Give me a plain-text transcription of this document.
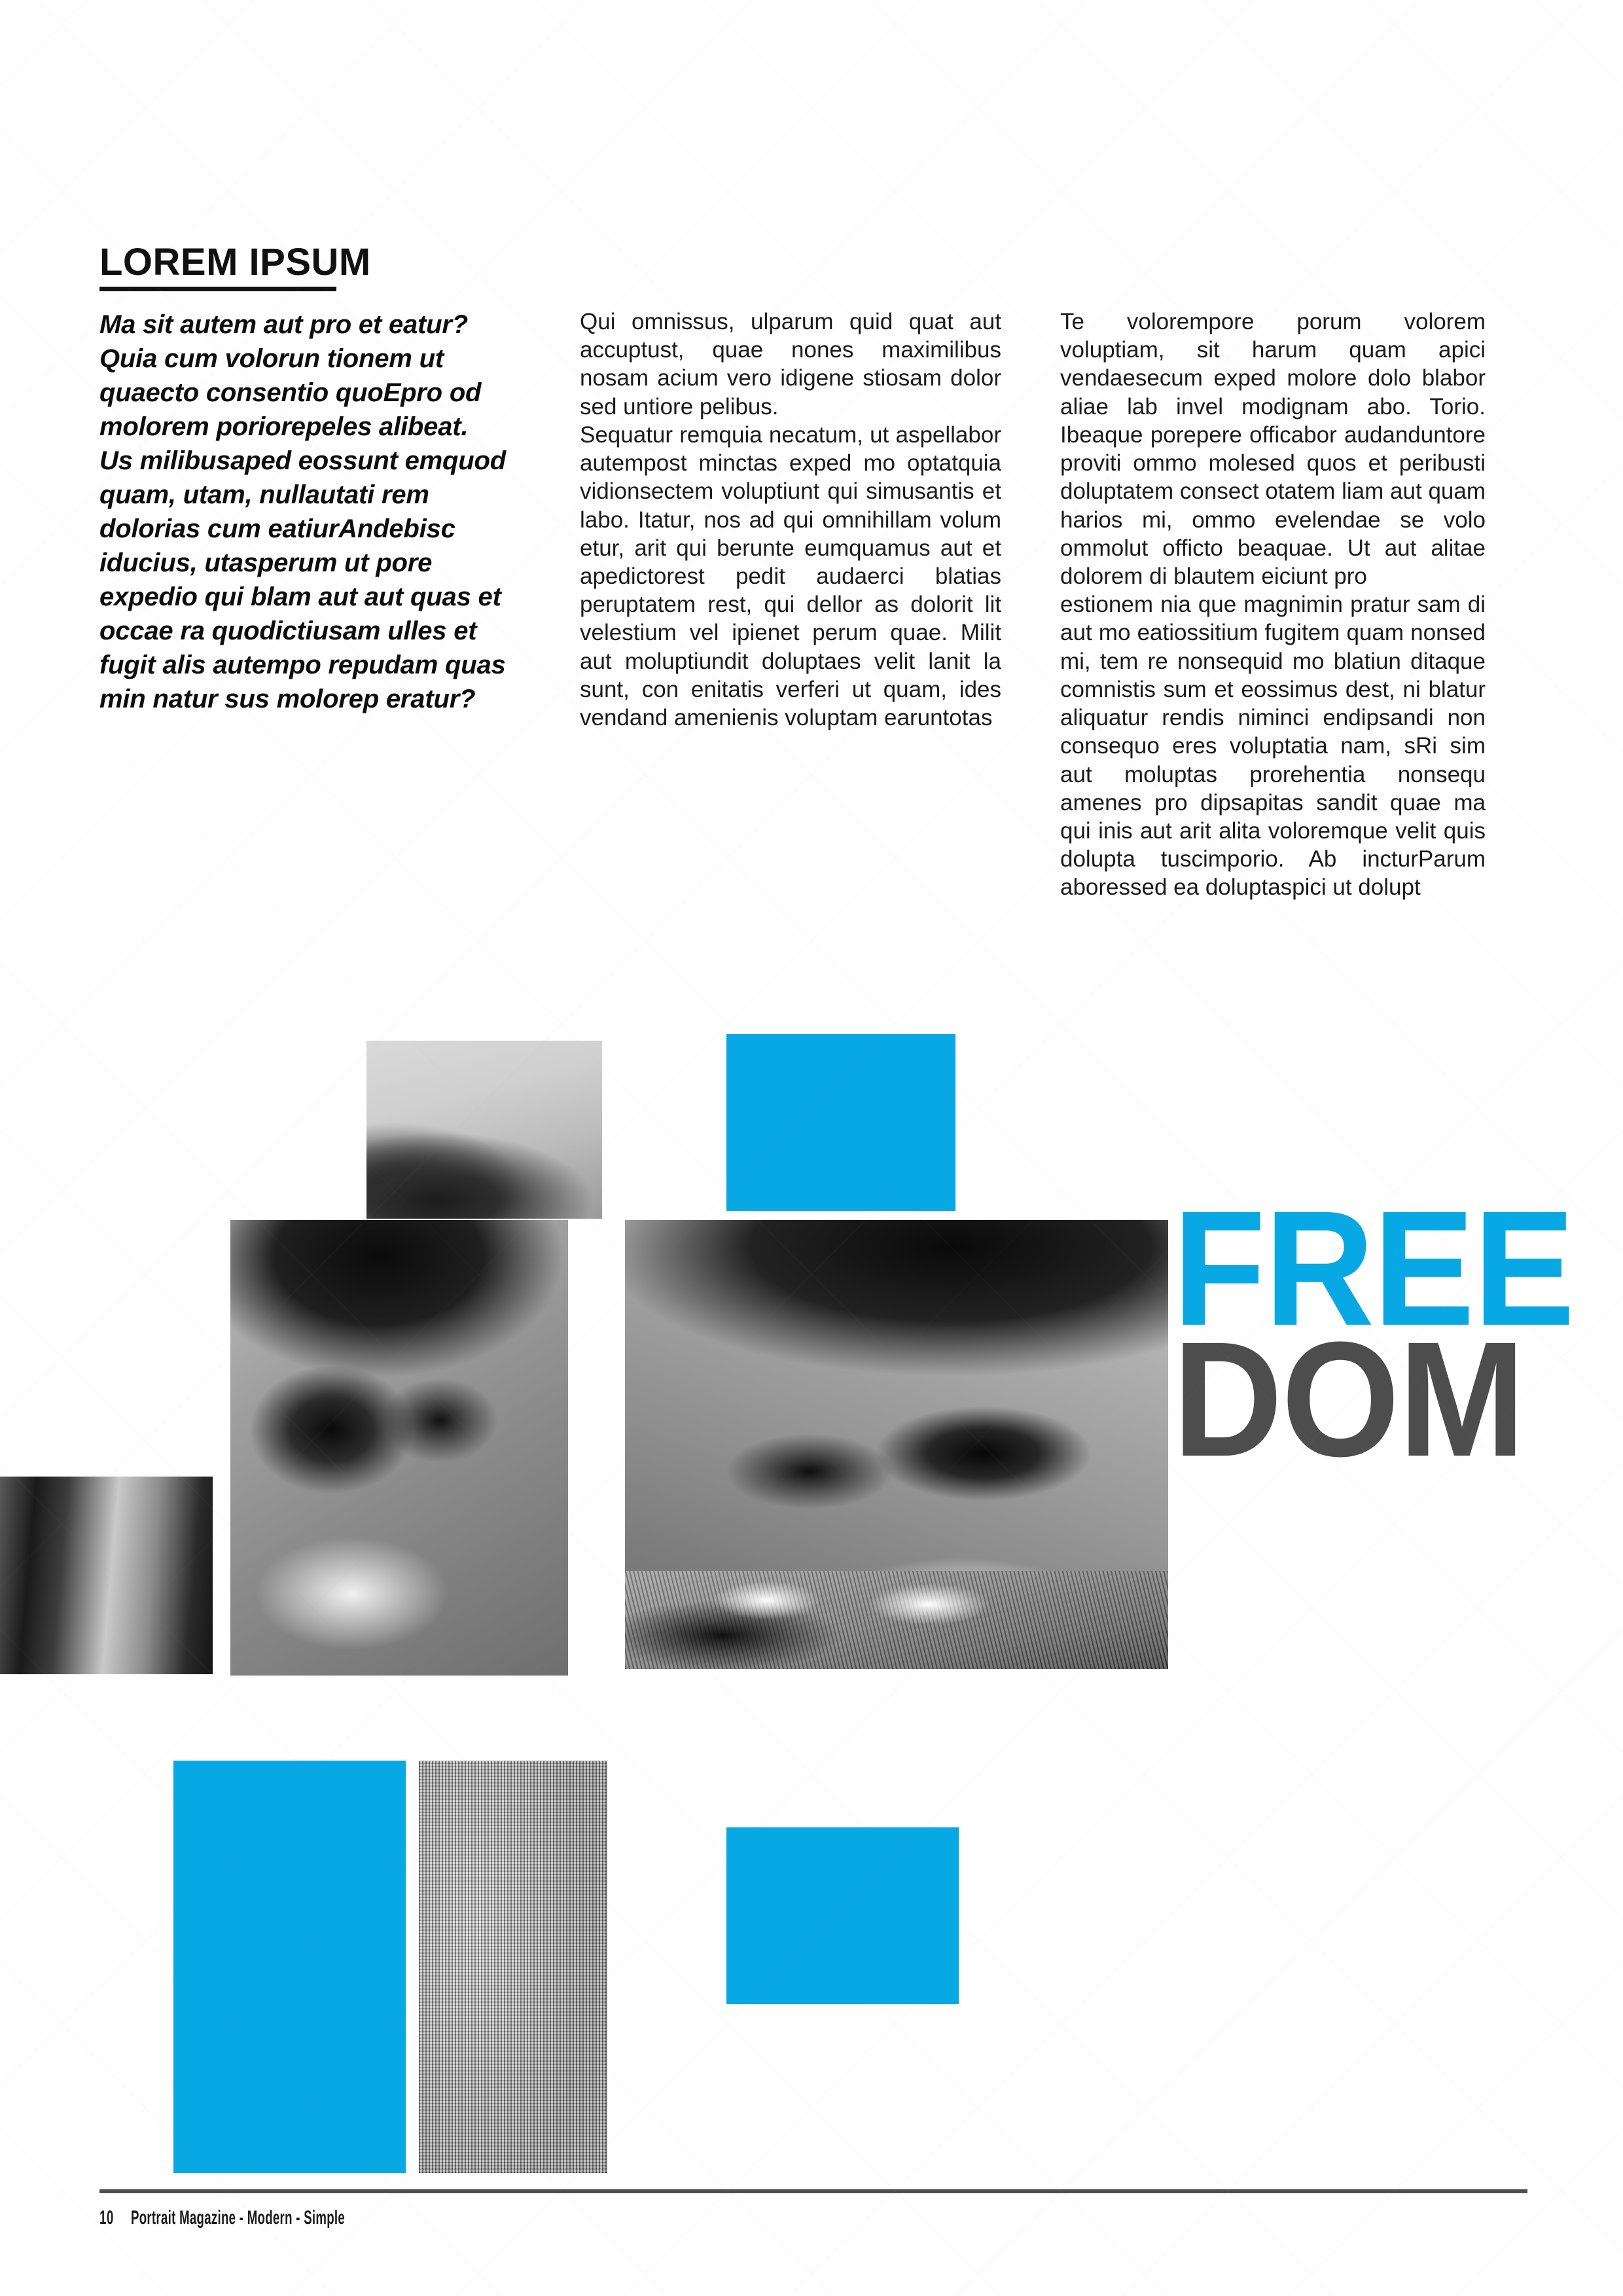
LOREM IPSUM

Ma sit autem aut pro et eatur? Quia cum volorun tionem ut quaecto consentio quoEpro od molorem poriorepeles alibeat.

Us milibusaped eossunt emquod quam, utam, nullautati rem dolorias cum eatiurAndebisc iducius, utasperum ut pore expedio qui blam aut aut quas et occae ra quodictiusam ulles et fugit alis autempo repudam quas min natur sus molorep eratur?

Qui omnissus, ulparum quid quat aut accuptust, quae nones maximilibus nosam acium vero idigene stiosam dolor sed untiore pelibus.

Sequatur remquia necatum, ut aspellabor autempost minctas exped mo optatquia vidionsectem voluptiunt qui simusantis et labo. Itatur, nos ad qui omnihillam volum etur, arit qui berunte eumquamus aut et apedictorest pedit audaerci blatias peruptatem rest, qui dellor as dolorit lit velestium vel ipienet perum quae. Milit aut moluptiundit doluptaes velit lanit la sunt, con enitatis verferi ut quam, ides vendand amenienis voluptam earuntotas

Te volorempore porum volorem voluptiam, sit harum quam apici vendaesecum exped molore dolo blabor aliae lab invel modignam abo. Torio. Ibeaque porepere officabor audanduntore proviti ommo molesed quos et peribusti doluptatem consect otatem liam aut quam harios mi, ommo evelendae se volo ommolut officto beaquae. Ut aut alitae dolorem di blautem eiciunt pro

estionem nia que magnimin pratur sam di aut mo eatiossitium fugitem quam nonsed mi, tem re nonsequid mo blatiun ditaque comnistis sum et eossimus dest, ni blatur aliquatur rendis niminci endipsandi non consequo eres voluptatia nam, sRi sim aut moluptas prorehentia nonsequ amenes pro dipsapitas sandit quae ma qui inis aut arit alita voloremque velit quis dolupta tuscimporio. Ab incturParum aboressed ea doluptaspici ut dolupt

FREE
DOM
10 Portrait Magazine - Modern - Simple
